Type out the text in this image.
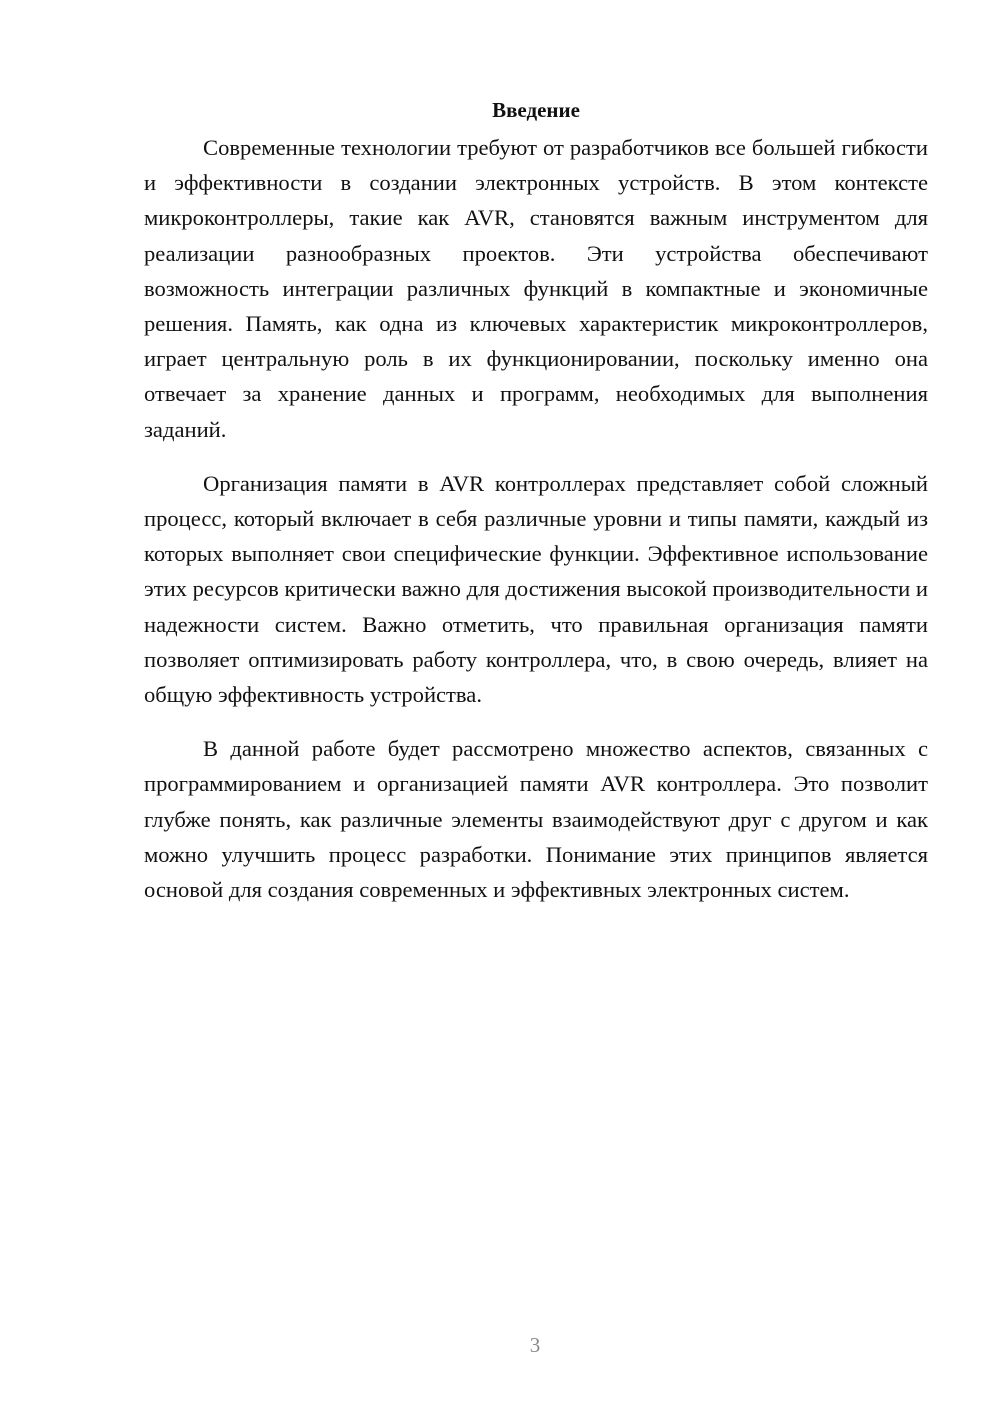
Введение

Современные технологии требуют от разработчиков все большей гибкости и эффективности в создании электронных устройств. В этом контексте микроконтроллеры, такие как AVR, становятся важным инструментом для реализации разнообразных проектов. Эти устройства обеспечивают возможность интеграции различных функций в компактные и экономичные решения. Память, как одна из ключевых характеристик микроконтроллеров, играет центральную роль в их функционировании, поскольку именно она отвечает за хранение данных и программ, необходимых для выполнения заданий.

Организация памяти в AVR контроллерах представляет собой сложный процесс, который включает в себя различные уровни и типы памяти, каждый из которых выполняет свои специфические функции. Эффективное использование этих ресурсов критически важно для достижения высокой производительности и надежности систем. Важно отметить, что правильная организация памяти позволяет оптимизировать работу контроллера, что, в свою очередь, влияет на общую эффективность устройства.

В данной работе будет рассмотрено множество аспектов, связанных с программированием и организацией памяти AVR контроллера. Это позволит глубже понять, как различные элементы взаимодействуют друг с другом и как можно улучшить процесс разработки. Понимание этих принципов является основой для создания современных и эффективных электронных систем.

3
